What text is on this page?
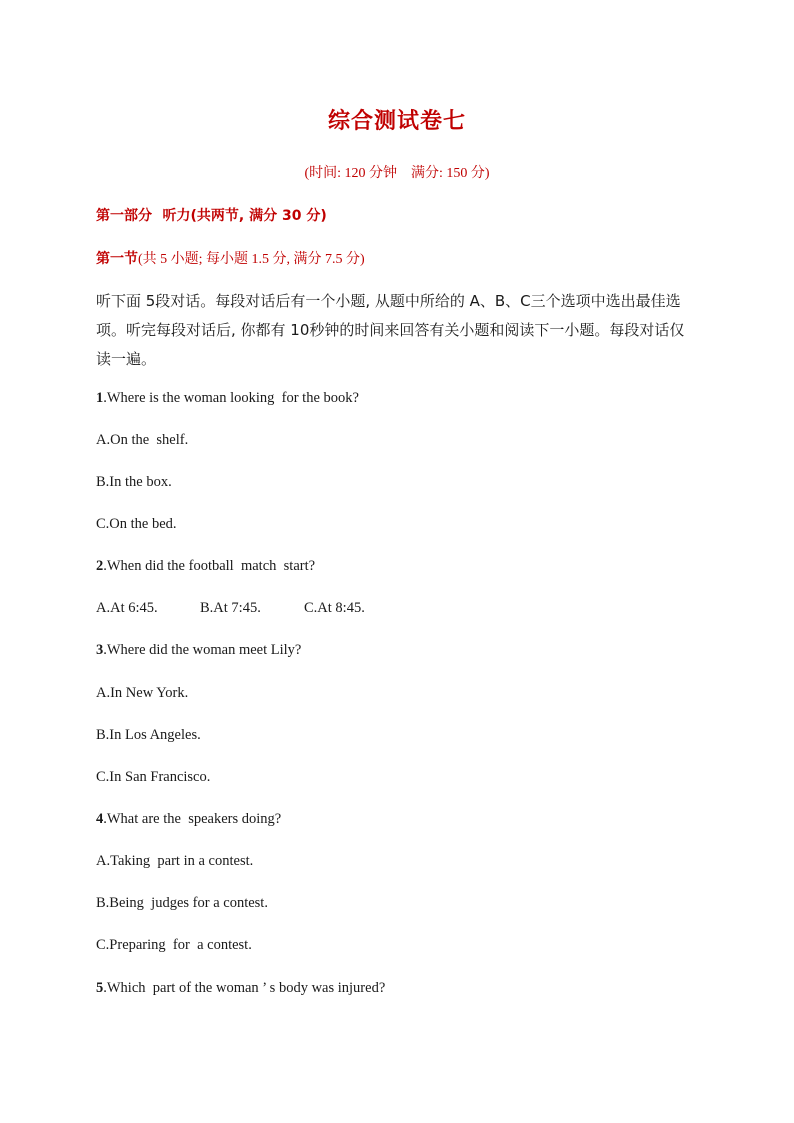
综合测试卷七
(时间: 120 分钟 满分: 150 分)
第一部分 听力(共两节, 满分 30 分)
第一节(共 5 小题; 每小题 1.5 分, 满分 7.5 分)
听下面 5段对话。每段对话后有一个小题, 从题中所给的 A、B、C三个选项中选出最佳选项。听完每段对话后, 你都有 10秒钟的时间来回答有关小题和阅读下一小题。每段对话仅读一遍。
1.Where is the woman looking  for the book?
A.On the  shelf.
B.In the box.
C.On the bed.
2.When did the football  match  start?
A.At 6:45.	B.At 7:45.	C.At 8:45.
3.Where did the woman meet Lily?
A.In New York.
B.In Los Angeles.
C.In San Francisco.
4.What are the  speakers doing?
A.Taking  part in a contest.
B.Being  judges for a contest.
C.Preparing  for  a contest.
5.Which  part of the woman ’ s body was injured?
